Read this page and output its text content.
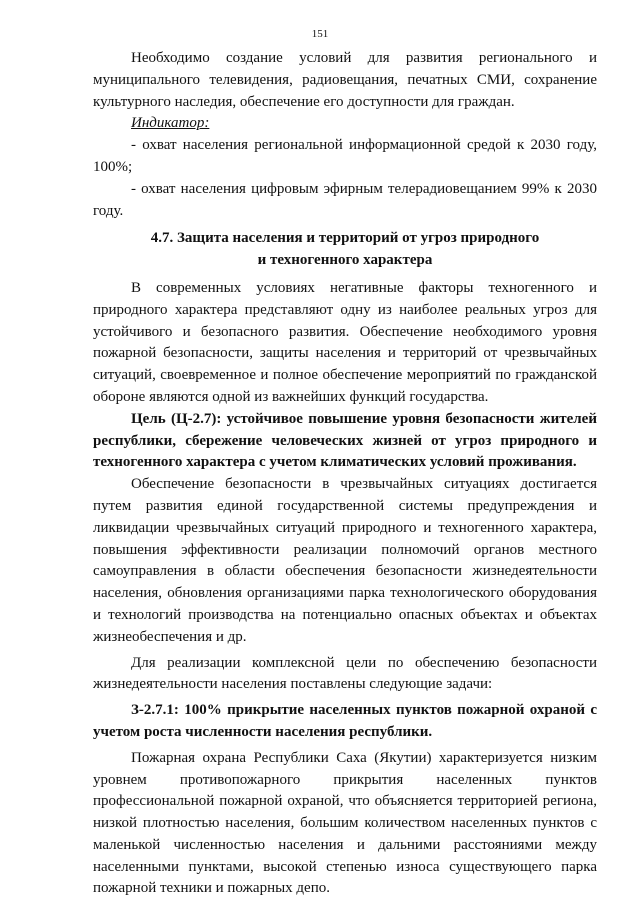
151
Необходимо создание условий для развития регионального и
муниципального телевидения, радиовещания, печатных СМИ, сохранение
культурного наследия, обеспечение его доступности для граждан.
Индикатор:
- охват населения региональной информационной средой к 2030 году,
100%;
- охват населения цифровым эфирным телерадиовещанием 99% к 2030
году.
4.7. Защита населения и территорий от угроз природного
и техногенного характера
В современных условиях негативные факторы техногенного и
природного характера представляют одну из наиболее реальных угроз для
устойчивого и безопасного развития. Обеспечение необходимого уровня
пожарной безопасности, защиты населения и территорий от чрезвычайных
ситуаций, своевременное и полное обеспечение мероприятий по гражданской
обороне являются одной из важнейших функций государства.
Цель (Ц-2.7): устойчивое повышение уровня безопасности жителей
республики, сбережение человеческих жизней от угроз природного и
техногенного характера с учетом климатических условий проживания.
Обеспечение безопасности в чрезвычайных ситуациях достигается
путем развития единой государственной системы предупреждения и
ликвидации чрезвычайных ситуаций природного и техногенного характера,
повышения эффективности реализации полномочий органов местного
самоуправления в области обеспечения безопасности жизнедеятельности
населения, обновления организациями парка технологического оборудования
и технологий производства на потенциально опасных объектах и объектах
жизнеобеспечения и др.
Для реализации комплексной цели по обеспечению безопасности
жизнедеятельности населения поставлены следующие задачи:
З-2.7.1: 100% прикрытие населенных пунктов пожарной охраной с
учетом роста численности населения республики.
Пожарная охрана Республики Саха (Якутии) характеризуется низким
уровнем противопожарного прикрытия населенных пунктов
профессиональной пожарной охраной, что объясняется территорией региона,
низкой плотностью населения, большим количеством населенных пунктов с
маленькой численностью населения и дальними расстояниями между
населенными пунктами, высокой степенью износа существующего парка
пожарной техники и пожарных депо.
